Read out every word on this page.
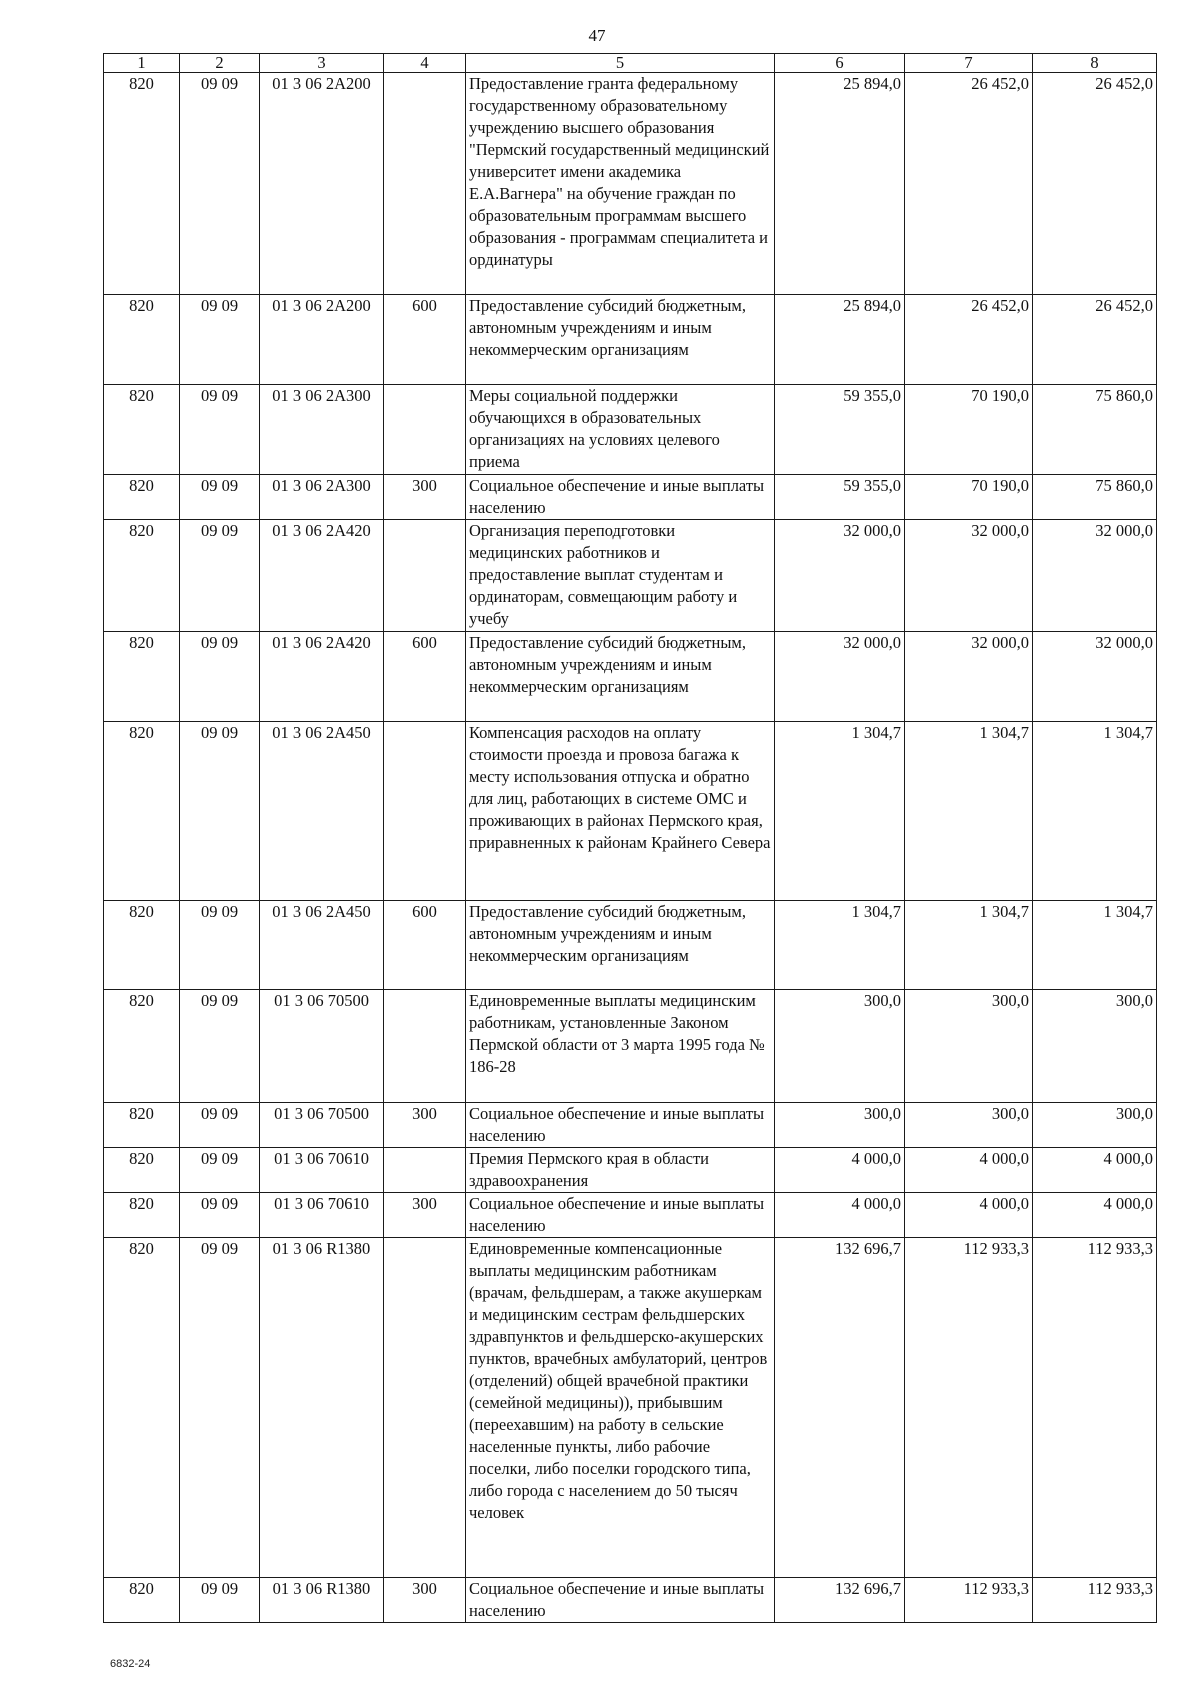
47
1	2	3	4	5	6	7	8
820	09 09	01 3 06 2А200		Предоставление гранта федеральному государственному образовательному учреждению высшего образования "Пермский государственный медицинский университет имени академика Е.А.Вагнера" на обучение граждан по образовательным программам высшего образования - программам специалитета и ординатуры	25 894,0	26 452,0	26 452,0
820	09 09	01 3 06 2А200	600	Предоставление субсидий бюджетным, автономным учреждениям и иным некоммерческим организациям	25 894,0	26 452,0	26 452,0
820	09 09	01 3 06 2А300		Меры социальной поддержки обучающихся в образовательных организациях на условиях целевого приема	59 355,0	70 190,0	75 860,0
820	09 09	01 3 06 2А300	300	Социальное обеспечение и иные выплаты населению	59 355,0	70 190,0	75 860,0
820	09 09	01 3 06 2А420		Организация переподготовки медицинских работников и предоставление выплат студентам и ординаторам, совмещающим работу и учебу	32 000,0	32 000,0	32 000,0
820	09 09	01 3 06 2А420	600	Предоставление субсидий бюджетным, автономным учреждениям и иным некоммерческим организациям	32 000,0	32 000,0	32 000,0
820	09 09	01 3 06 2А450		Компенсация расходов на оплату стоимости проезда и провоза багажа к месту использования отпуска и обратно для лиц, работающих в системе ОМС и проживающих в районах Пермского края, приравненных к районам Крайнего Севера	1 304,7	1 304,7	1 304,7
820	09 09	01 3 06 2А450	600	Предоставление субсидий бюджетным, автономным учреждениям и иным некоммерческим организациям	1 304,7	1 304,7	1 304,7
820	09 09	01 3 06 70500		Единовременные выплаты медицинским работникам, установленные Законом Пермской области от 3 марта 1995 года № 186-28	300,0	300,0	300,0
820	09 09	01 3 06 70500	300	Социальное обеспечение и иные выплаты населению	300,0	300,0	300,0
820	09 09	01 3 06 70610		Премия Пермского края в области здравоохранения	4 000,0	4 000,0	4 000,0
820	09 09	01 3 06 70610	300	Социальное обеспечение и иные выплаты населению	4 000,0	4 000,0	4 000,0
820	09 09	01 3 06 R1380		Единовременные компенсационные выплаты медицинским работникам (врачам, фельдшерам, а также акушеркам и медицинским сестрам фельдшерских здравпунктов и фельдшерско-акушерских пунктов, врачебных амбулаторий, центров (отделений) общей врачебной практики (семейной медицины)), прибывшим (переехавшим) на работу в сельские населенные пункты, либо рабочие поселки, либо поселки городского типа, либо города с населением до 50 тысяч человек	132 696,7	112 933,3	112 933,3
820	09 09	01 3 06 R1380	300	Социальное обеспечение и иные выплаты населению	132 696,7	112 933,3	112 933,3
6832-24
